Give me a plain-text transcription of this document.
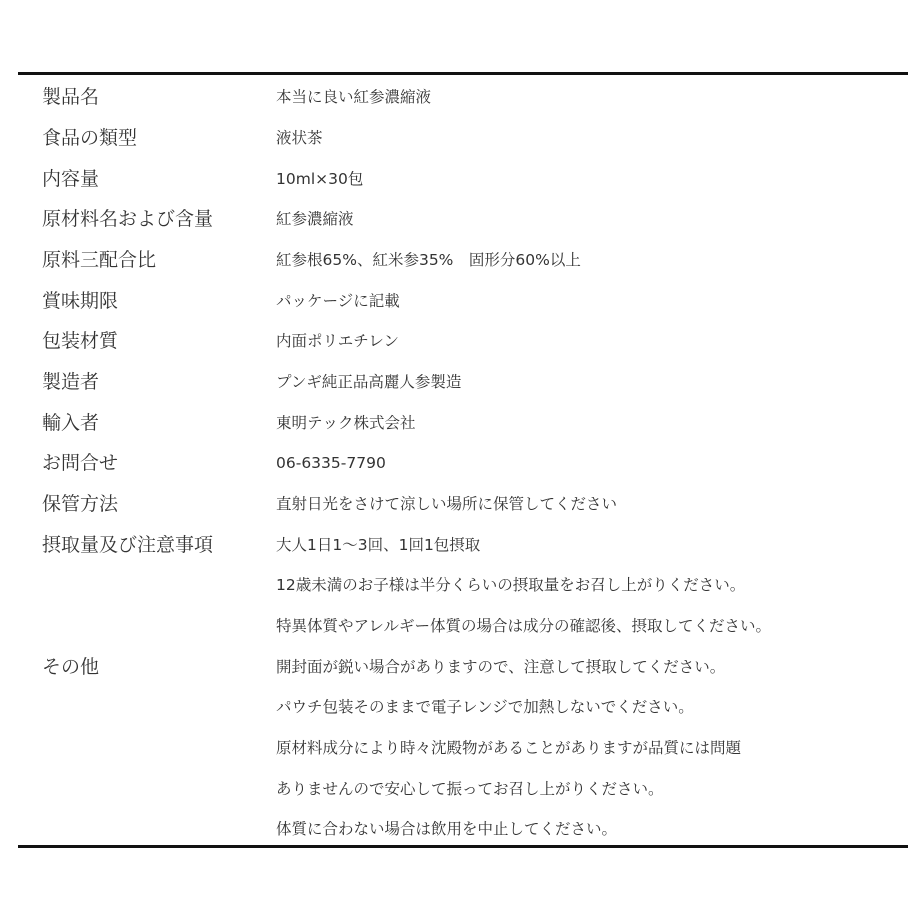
製品名	本当に良い紅参濃縮液
食品の類型	液状茶
内容量	10ml×30包
原材料名および含量	紅参濃縮液
原料三配合比	紅参根65%、紅米参35%　固形分60%以上
賞味期限	パッケージに記載
包装材質	内面ポリエチレン
製造者	プンギ純正品高麗人参製造
輸入者	東明テック株式会社
お問合せ	06-6335-7790
保管方法	直射日光をさけて涼しい場所に保管してください
摂取量及び注意事項	大人1日1〜3回、1回1包摂取
12歳未満のお子様は半分くらいの摂取量をお召し上がりください。
特異体質やアレルギー体質の場合は成分の確認後、摂取してください。
その他	開封面が鋭い場合がありますので、注意して摂取してください。
パウチ包装そのままで電子レンジで加熱しないでください。
原材料成分により時々沈殿物があることがありますが品質には問題
ありませんので安心して振ってお召し上がりください。
体質に合わない場合は飲用を中止してください。
